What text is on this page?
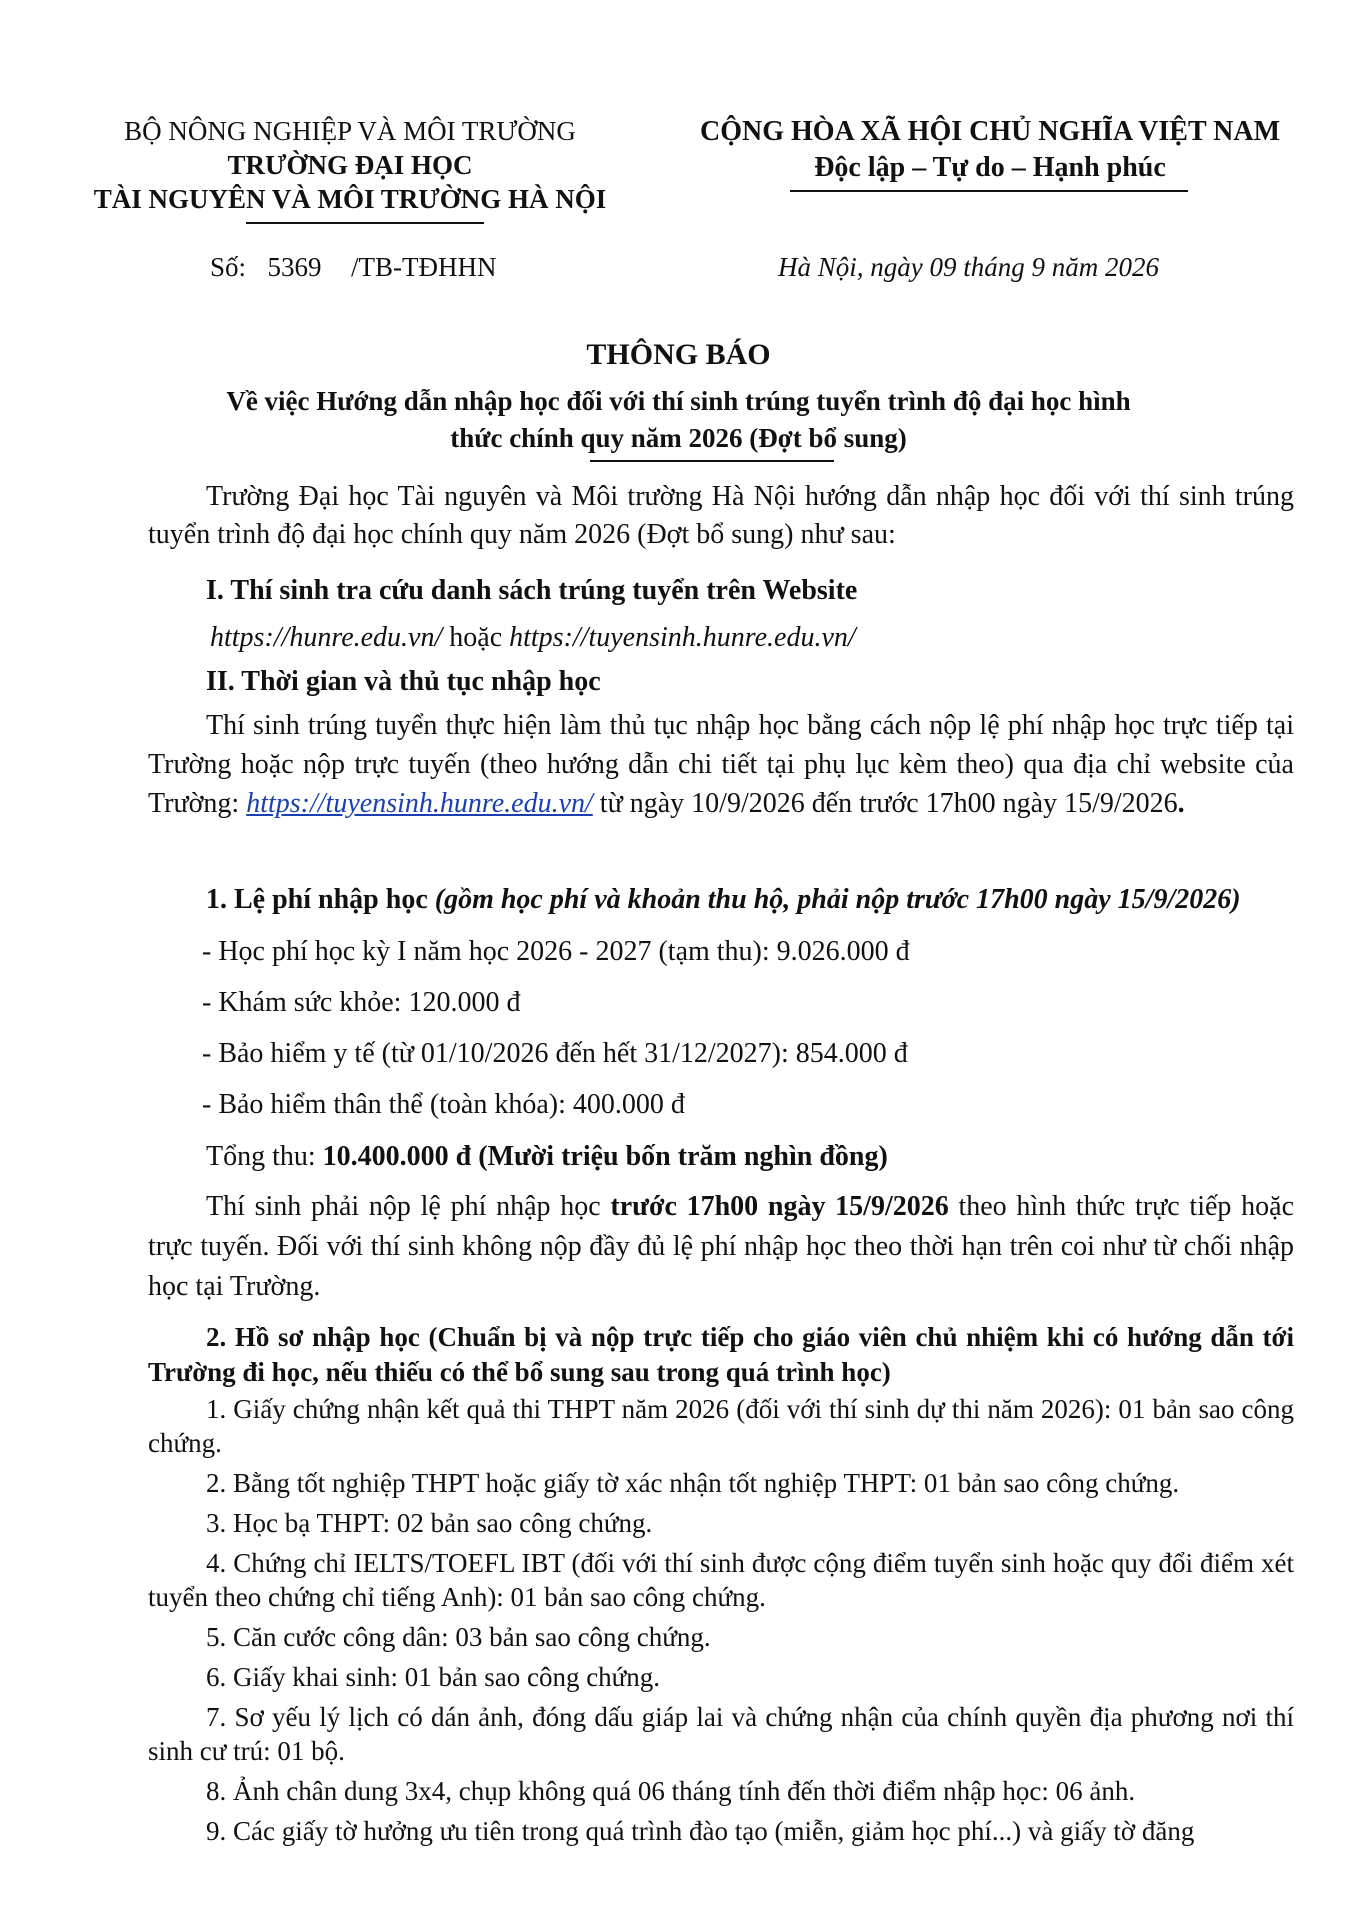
BỘ NÔNG NGHIỆP VÀ MÔI TRƯỜNG
TRƯỜNG ĐẠI HỌC
TÀI NGUYÊN VÀ MÔI TRƯỜNG HÀ NỘI
CỘNG HÒA XÃ HỘI CHỦ NGHĨA VIỆT NAM
Độc lập – Tự do – Hạnh phúc
Số: 5369 /TB-TĐHHN	Hà Nội, ngày 09 tháng 9 năm 2026
THÔNG BÁO
Về việc Hướng dẫn nhập học đối với thí sinh trúng tuyển trình độ đại học hình
thức chính quy năm 2026 (Đợt bổ sung)
Trường Đại học Tài nguyên và Môi trường Hà Nội hướng dẫn nhập học đối với thí sinh trúng tuyển trình độ đại học chính quy năm 2026 (Đợt bổ sung) như sau:
I. Thí sinh tra cứu danh sách trúng tuyển trên Website
https://hunre.edu.vn/ hoặc https://tuyensinh.hunre.edu.vn/
II. Thời gian và thủ tục nhập học
Thí sinh trúng tuyển thực hiện làm thủ tục nhập học bằng cách nộp lệ phí nhập học trực tiếp tại Trường hoặc nộp trực tuyến (theo hướng dẫn chi tiết tại phụ lục kèm theo) qua địa chỉ website của Trường: https://tuyensinh.hunre.edu.vn/ từ ngày 10/9/2026 đến trước 17h00 ngày 15/9/2026.
1. Lệ phí nhập học (gồm học phí và khoản thu hộ, phải nộp trước 17h00 ngày 15/9/2026)
- Học phí học kỳ I năm học 2026 - 2027 (tạm thu): 9.026.000 đ
- Khám sức khỏe: 120.000 đ
- Bảo hiểm y tế (từ 01/10/2026 đến hết 31/12/2027): 854.000 đ
- Bảo hiểm thân thể (toàn khóa): 400.000 đ
Tổng thu: 10.400.000 đ (Mười triệu bốn trăm nghìn đồng)
Thí sinh phải nộp lệ phí nhập học trước 17h00 ngày 15/9/2026 theo hình thức trực tiếp hoặc trực tuyến. Đối với thí sinh không nộp đầy đủ lệ phí nhập học theo thời hạn trên coi như từ chối nhập học tại Trường.
2. Hồ sơ nhập học (Chuẩn bị và nộp trực tiếp cho giáo viên chủ nhiệm khi có hướng dẫn tới Trường đi học, nếu thiếu có thể bổ sung sau trong quá trình học)
1. Giấy chứng nhận kết quả thi THPT năm 2026 (đối với thí sinh dự thi năm 2026): 01 bản sao công chứng.
2. Bằng tốt nghiệp THPT hoặc giấy tờ xác nhận tốt nghiệp THPT: 01 bản sao công chứng.
3. Học bạ THPT: 02 bản sao công chứng.
4. Chứng chỉ IELTS/TOEFL IBT (đối với thí sinh được cộng điểm tuyển sinh hoặc quy đổi điểm xét tuyển theo chứng chỉ tiếng Anh): 01 bản sao công chứng.
5. Căn cước công dân: 03 bản sao công chứng.
6. Giấy khai sinh: 01 bản sao công chứng.
7. Sơ yếu lý lịch có dán ảnh, đóng dấu giáp lai và chứng nhận của chính quyền địa phương nơi thí sinh cư trú: 01 bộ.
8. Ảnh chân dung 3x4, chụp không quá 06 tháng tính đến thời điểm nhập học: 06 ảnh.
9. Các giấy tờ hưởng ưu tiên trong quá trình đào tạo (miễn, giảm học phí...) và giấy tờ đăng
